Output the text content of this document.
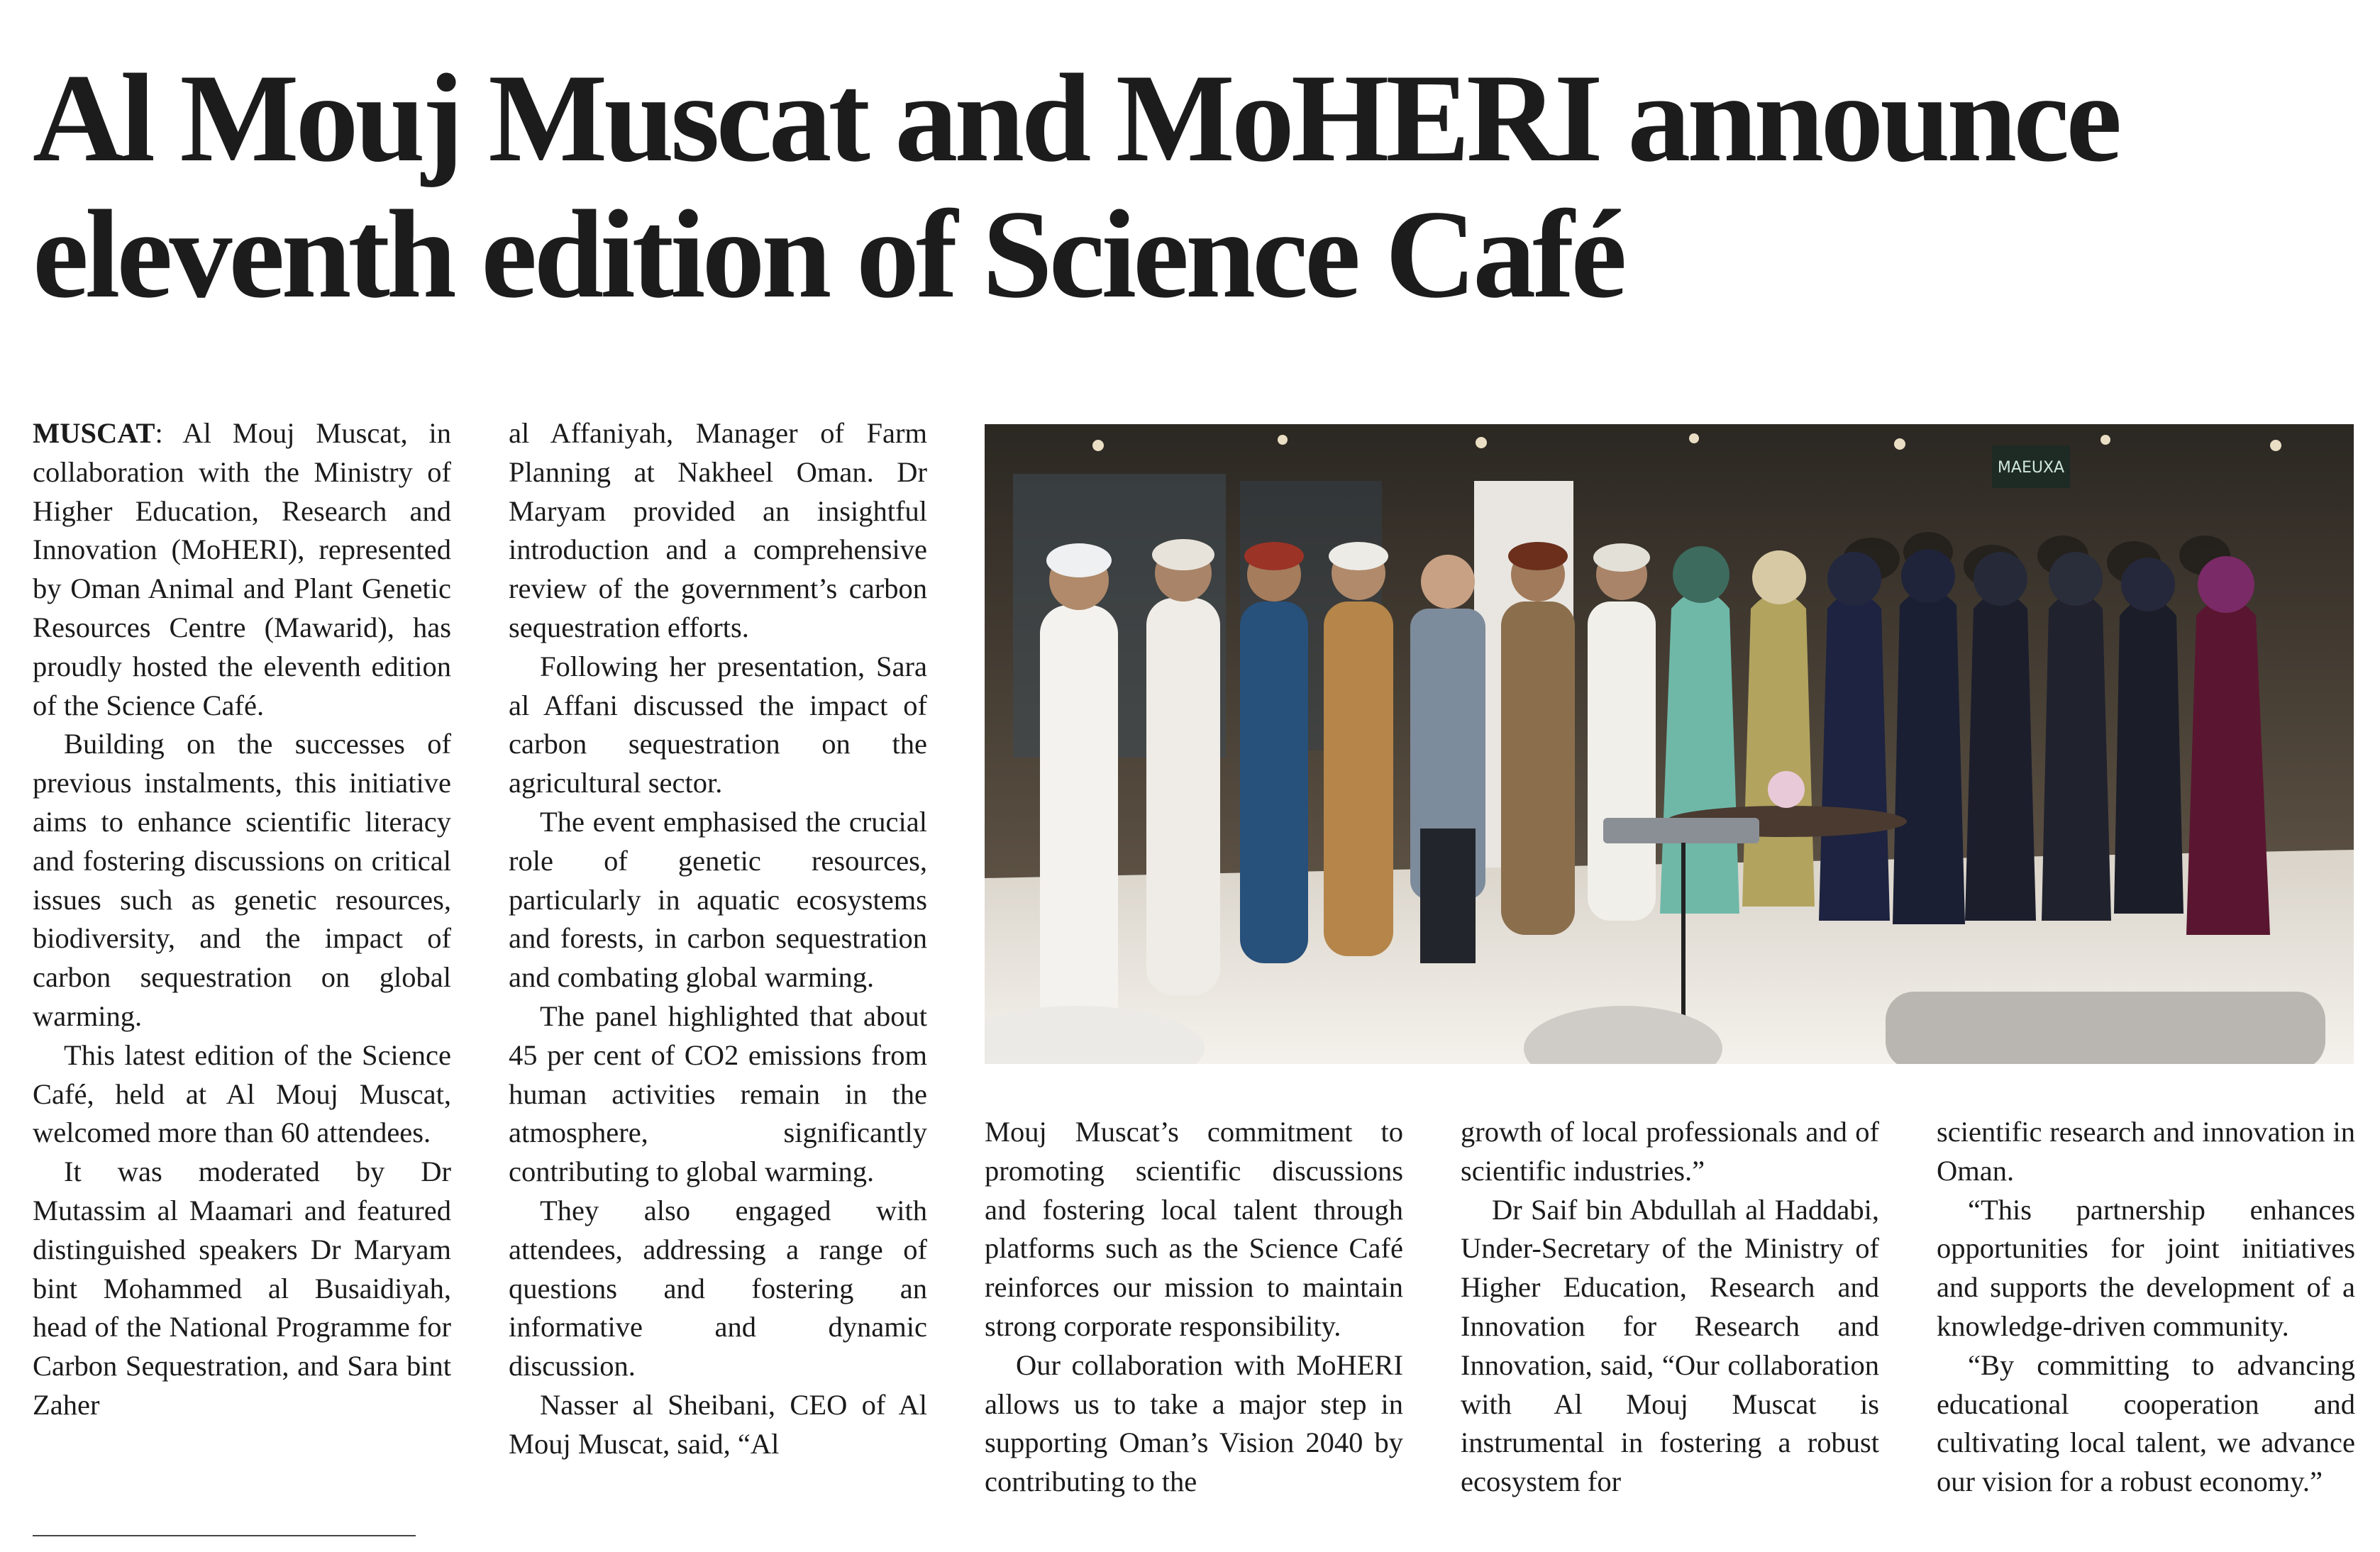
Al Mouj Muscat and MoHERI announce eleventh edition of Science Café

MUSCAT: Al Mouj Muscat, in collaboration with the Ministry of Higher Education, Research and Innovation (MoHERI), represented by Oman Animal and Plant Genetic Resources Centre (Mawarid), has proudly hosted the eleventh edition of the Science Café.

Building on the successes of previous instalments, this initiative aims to enhance scientific literacy and fostering discussions on critical issues such as genetic resources, biodiversity, and the impact of carbon sequestration on global warming.

This latest edition of the Science Café, held at Al Mouj Muscat, welcomed more than 60 attendees.

It was moderated by Dr Mutassim al Maamari and featured distinguished speakers Dr Maryam bint Mohammed al Busaidiyah, head of the National Programme for Carbon Sequestration, and Sara bint Zaher

al Affaniyah, Manager of Farm Planning at Nakheel Oman. Dr Maryam provided an insightful introduction and a comprehensive review of the government’s carbon sequestration efforts.

Following her presentation, Sara al Affani discussed the impact of carbon sequestration on the agricultural sector.

The event emphasised the crucial role of genetic resources, particularly in aquatic ecosystems and forests, in carbon sequestration and combating global warming.

The panel highlighted that about 45 per cent of CO2 emissions from human activities remain in the atmosphere, significantly contributing to global warming.

They also engaged with attendees, addressing a range of questions and fostering an informative and dynamic discussion.

Nasser al Sheibani, CEO of Al Mouj Muscat, said, “Al

MAEUXA

Mouj Muscat’s commitment to promoting scientific discussions and fostering local talent through platforms such as the Science Café reinforces our mission to maintain strong corporate responsibility.

Our collaboration with MoHERI allows us to take a major step in supporting Oman’s Vision 2040 by contributing to the

growth of local professionals and of scientific industries.”

Dr Saif bin Abdullah al Haddabi, Under-Secretary of the Ministry of Higher Education, Research and Innovation for Research and Innovation, said, “Our collaboration with Al Mouj Muscat is instrumental in fostering a robust ecosystem for

scientific research and innovation in Oman.

“This partnership enhances opportunities for joint initiatives and supports the development of a knowledge-driven community.

“By committing to advancing educational cooperation and cultivating local talent, we advance our vision for a robust economy.”
